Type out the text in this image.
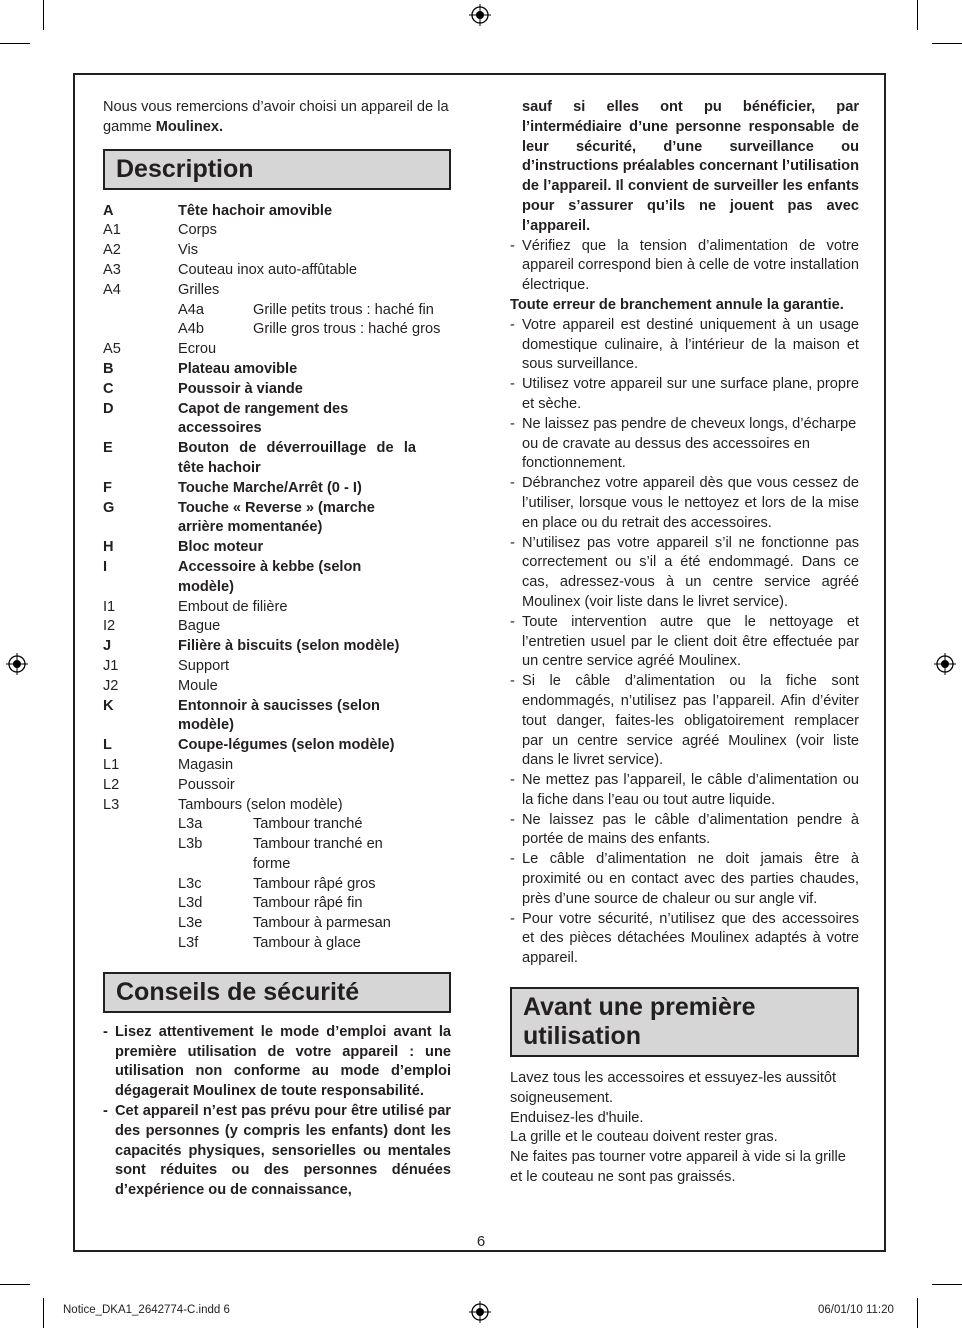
Nous vous remercions d’avoir choisi un appareil de la gamme Moulinex.

Description
A	Tête hachoir amovible
A1	Corps
A2	Vis
A3	Couteau inox auto-affûtable
A4	Grilles
A4a	Grille petits trous : haché fin
A4b	Grille gros trous : haché gros
A5	Ecrou
B	Plateau amovible
C	Poussoir à viande
D	Capot de rangement des accessoires
E	Bouton de déverrouillage de la tête hachoir
F	Touche Marche/Arrêt (0 - I)
G	Touche « Reverse » (marche arrière momentanée)
H	Bloc moteur
I	Accessoire à kebbe (selon modèle)
I1	Embout de filière
I2	Bague
J	Filière à biscuits (selon modèle)
J1	Support
J2	Moule
K	Entonnoir à saucisses (selon modèle)
L	Coupe-légumes (selon modèle)
L1	Magasin
L2	Poussoir
L3	Tambours (selon modèle)
L3a	Tambour tranché
L3b	Tambour tranché en forme
L3c	Tambour râpé gros
L3d	Tambour râpé fin
L3e	Tambour à parmesan
L3f	Tambour à glace
Conseils de sécurité
- Lisez attentivement le mode d’emploi avant la première utilisation de votre appareil : une utilisation non conforme au mode d’emploi dégagerait Moulinex de toute responsabilité.
- Cet appareil n’est pas prévu pour être utilisé par des personnes (y compris les enfants) dont les capacités physiques, sensorielles ou mentales sont réduites ou des personnes dénuées d’expérience ou de connaissance,

sauf si elles ont pu bénéficier, par l’intermédiaire d’une personne responsable de leur sécurité, d’une surveillance ou d’instructions préalables concernant l’utilisation de l’appareil. Il convient de surveiller les enfants pour s’assurer qu’ils ne jouent pas avec l’appareil.

- Vérifiez que la tension d’alimentation de votre appareil correspond bien à celle de votre installation électrique.

Toute erreur de branchement annule la garantie.

- Votre appareil est destiné uniquement à un usage domestique culinaire, à l’intérieur de la maison et sous surveillance.
- Utilisez votre appareil sur une surface plane, propre et sèche.
- Ne laissez pas pendre de cheveux longs, d’écharpe ou de cravate au dessus des accessoires en fonctionnement.
- Débranchez votre appareil dès que vous cessez de l’utiliser, lorsque vous le nettoyez et lors de la mise en place ou du retrait des accessoires.
- N’utilisez pas votre appareil s’il ne fonctionne pas correctement ou s’il a été endommagé. Dans ce cas, adressez-vous à un centre service agréé Moulinex (voir liste dans le livret service).
- Toute intervention autre que le nettoyage et l’entretien usuel par le client doit être effectuée par un centre service agréé Moulinex.
- Si le câble d’alimentation ou la fiche sont endommagés, n’utilisez pas l’appareil. Afin d’éviter tout danger, faites-les obligatoirement remplacer par un centre service agréé Moulinex (voir liste dans le livret service).
- Ne mettez pas l’appareil, le câble d’alimentation ou la fiche dans l’eau ou tout autre liquide.
- Ne laissez pas le câble d’alimentation pendre à portée de mains des enfants.
- Le câble d’alimentation ne doit jamais être à proximité ou en contact avec des parties chaudes, près d’une source de chaleur ou sur angle vif.
- Pour votre sécurité, n’utilisez que des accessoires et des pièces détachées Moulinex adaptés à votre appareil.
Avant une première utilisation

Lavez tous les accessoires et essuyez-les aussitôt soigneusement.

Enduisez-les d'huile.

La grille et le couteau doivent rester gras.

Ne faites pas tourner votre appareil à vide si la grille et le couteau ne sont pas graissés.

6
Notice_DKA1_2642774-C.indd 6	06/01/10 11:20
